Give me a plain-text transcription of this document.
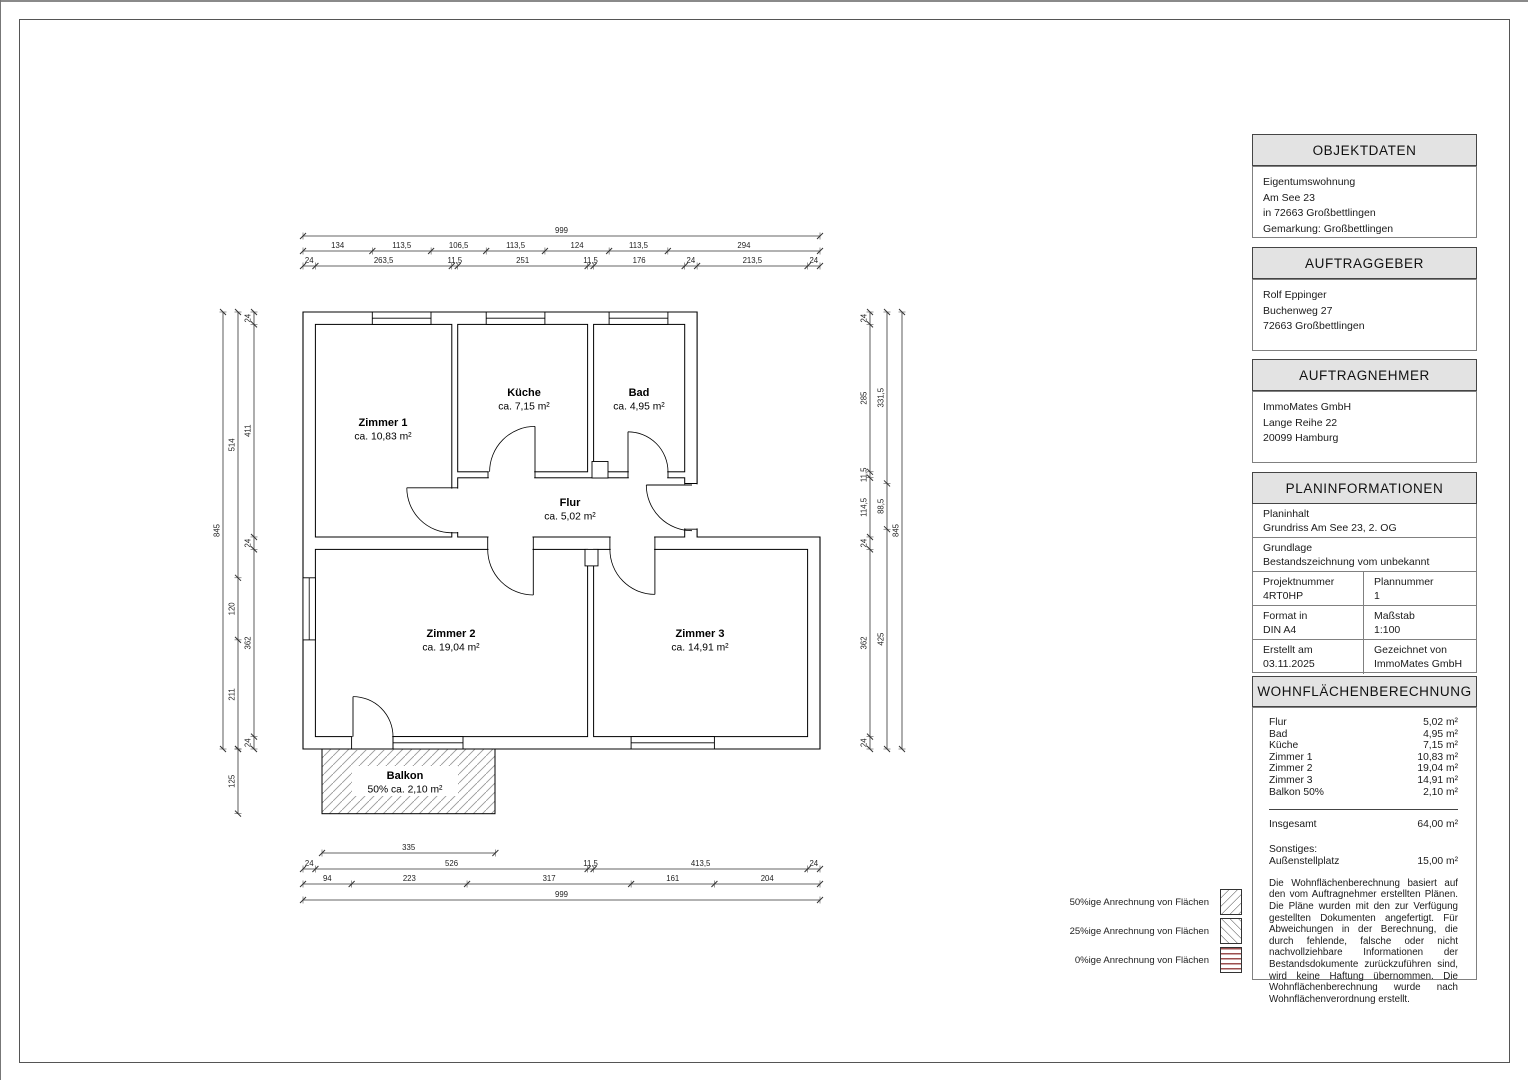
999
134	113,5	106,5	113,5	124	113,5	294
24	263,5	11,5	251	11,5	176	24	213,5	24
335
24	526	11,5	413,5	24
94	223	317	161	204
999
845
514
120
211
125
24
411
24
362
24
845
331,5
88,5
425
24
285
11,5
114,5
24
362
24
Zimmer 1
ca. 10,83 m²
Küche
ca. 7,15 m²
Bad
ca. 4,95 m²
Flur
ca. 5,02 m²
Zimmer 2
ca. 19,04 m²
Zimmer 3
ca. 14,91 m²
Balkon
50% ca. 2,10 m²
50%ige Anrechnung von Flächen
25%ige Anrechnung von Flächen
0%ige Anrechnung von Flächen
OBJEKTDATEN
Eigentumswohnung
Am See 23
in 72663 Großbettlingen
Gemarkung: Großbettlingen
AUFTRAGGEBER
Rolf Eppinger
Buchenweg 27
72663 Großbettlingen
AUFTRAGNEHMER
ImmoMates GmbH
Lange Reihe 22
20099 Hamburg
PLANINFORMATIONEN
Planinhalt
Grundriss Am See 23, 2. OG
Grundlage
Bestandszeichnung vom unbekannt
Projektnummer
4RT0HP
Plannummer
1
Format in
DIN A4
Maßstab
1:100
Erstellt am
03.11.2025
Gezeichnet von
ImmoMates GmbH
WOHNFLÄCHENBERECHNUNG
Flur	5,02 m²
Bad	4,95 m²
Küche	7,15 m²
Zimmer 1	10,83 m²
Zimmer 2	19,04 m²
Zimmer 3	14,91 m²
Balkon 50%	2,10 m²
Insgesamt	64,00 m²
Sonstiges:
Außenstellplatz	15,00 m²
Die Wohnflächenberechnung basiert auf den vom Auftragnehmer erstellten Plänen. Die Pläne wurden mit den zur Verfügung gestellten Dokumenten angefertigt. Für Abweichungen in der Berechnung, die durch fehlende, falsche oder nicht nachvollziehbare Informationen der Bestandsdokumente zurückzuführen sind, wird keine Haftung übernommen. Die Wohnflächenberechnung wurde nach Wohnflächenverordnung erstellt.
